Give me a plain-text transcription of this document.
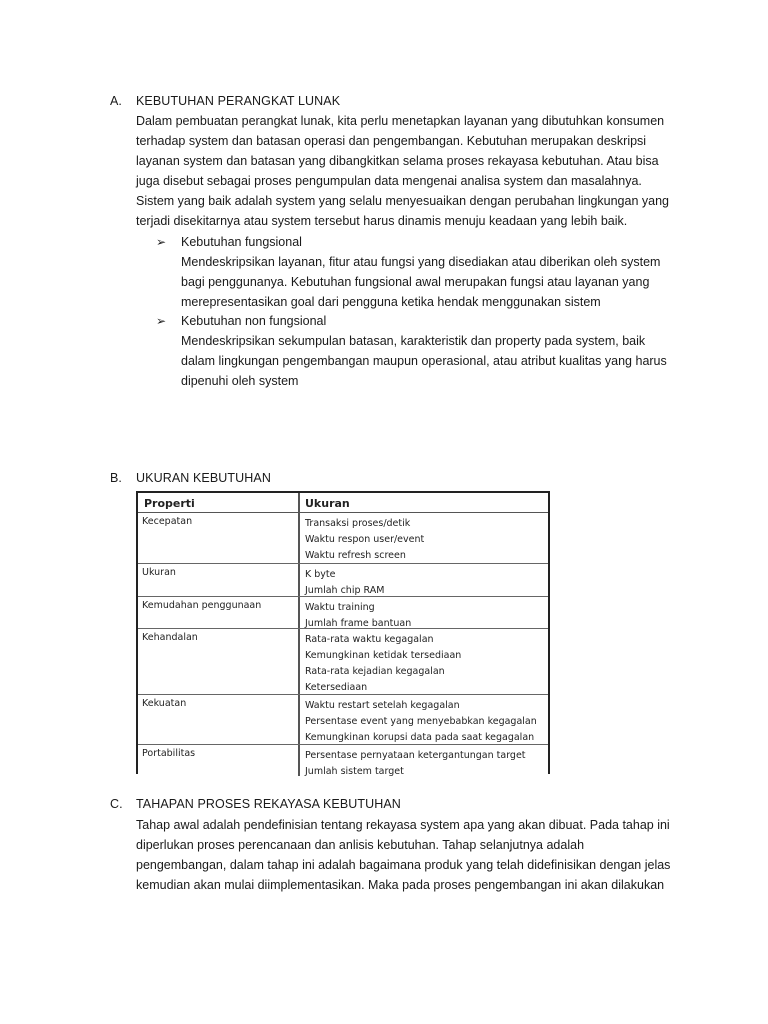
A. KEBUTUHAN PERANGKAT LUNAK
Dalam pembuatan perangkat lunak, kita perlu menetapkan layanan yang dibutuhkan konsumen
terhadap system dan batasan operasi dan pengembangan. Kebutuhan merupakan deskripsi
layanan system dan batasan yang dibangkitkan selama proses rekayasa kebutuhan. Atau bisa
juga disebut sebagai proses pengumpulan data mengenai analisa system dan masalahnya.
Sistem yang baik adalah system yang selalu menyesuaikan dengan perubahan lingkungan yang
terjadi disekitarnya atau system tersebut harus dinamis menuju keadaan yang lebih baik.
➢ Kebutuhan fungsional
Mendeskripsikan layanan, fitur atau fungsi yang disediakan atau diberikan oleh system
bagi penggunanya. Kebutuhan fungsional awal merupakan fungsi atau layanan yang
merepresentasikan goal dari pengguna ketika hendak menggunakan sistem
➢ Kebutuhan non fungsional
Mendeskripsikan sekumpulan batasan, karakteristik dan property pada system, baik
dalam lingkungan pengembangan maupun operasional, atau atribut kualitas yang harus
dipenuhi oleh system
B. UKURAN KEBUTUHAN
Properti	Ukuran
Kecepatan	Transaksi proses/detik
Waktu respon user/event
Waktu refresh screen
Ukuran	K byte
Jumlah chip RAM
Kemudahan penggunaan	Waktu training
Jumlah frame bantuan
Kehandalan	Rata-rata waktu kegagalan
Kemungkinan ketidak tersediaan
Rata-rata kejadian kegagalan
Ketersediaan
Kekuatan	Waktu restart setelah kegagalan
Persentase event yang menyebabkan kegagalan
Kemungkinan korupsi data pada saat kegagalan
Portabilitas	Persentase pernyataan ketergantungan target
Jumlah sistem target
C. TAHAPAN PROSES REKAYASA KEBUTUHAN
Tahap awal adalah pendefinisian tentang rekayasa system apa yang akan dibuat. Pada tahap ini
diperlukan proses perencanaan dan anlisis kebutuhan. Tahap selanjutnya adalah
pengembangan, dalam tahap ini adalah bagaimana produk yang telah didefinisikan dengan jelas
kemudian akan mulai diimplementasikan. Maka pada proses pengembangan ini akan dilakukan
